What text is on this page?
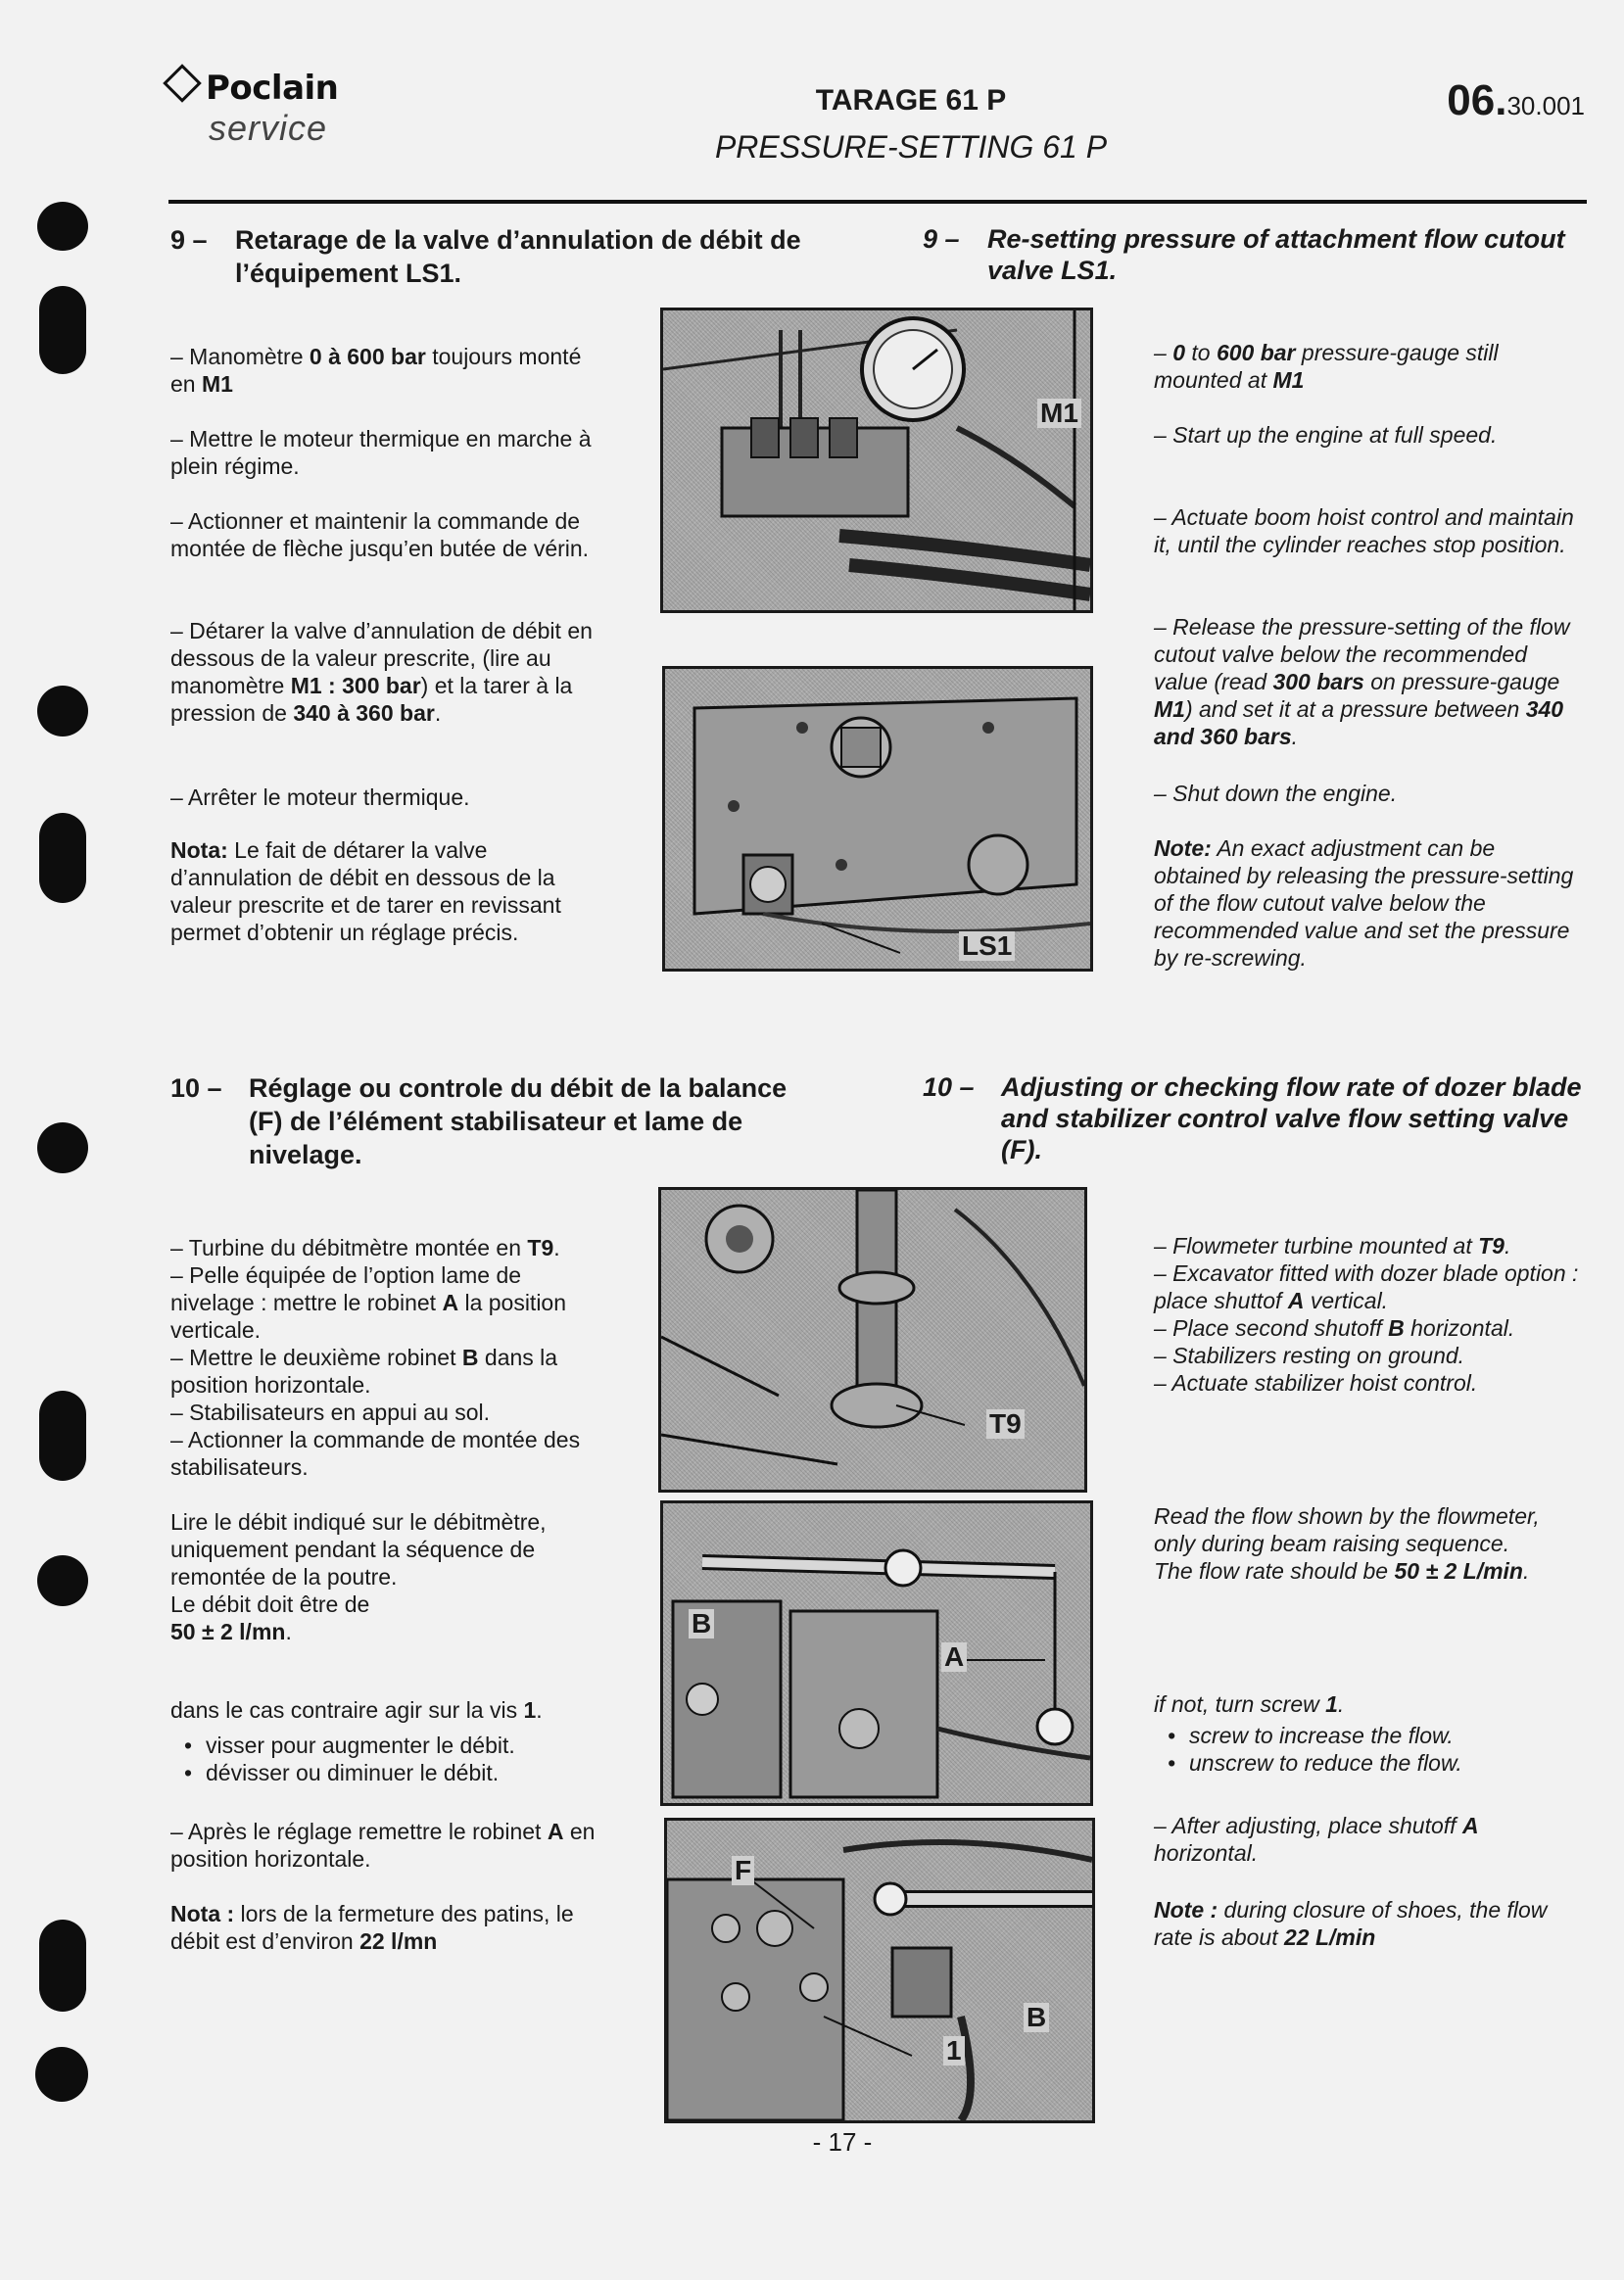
Poclain
service
TARAGE 61 P
PRESSURE-SETTING 61 P
06.30.001
9 – Retarage de la valve d’annulation de débit de l’équipement LS1.
9 – Re-setting pressure of attachment flow cutout valve LS1.
– Manomètre 0 à 600 bar toujours monté en M1
– Mettre le moteur thermique en marche à plein régime.
– Actionner et maintenir la commande de montée de flèche jusqu’en butée de vérin.
– Détarer la valve d’annulation de débit en dessous de la valeur prescrite, (lire au manomètre M1 : 300 bar) et la tarer à la pression de 340 à 360 bar.
– Arrêter le moteur thermique.
Nota: Le fait de détarer la valve d’annulation de débit en dessous de la valeur prescrite et de tarer en revissant permet d’obtenir un réglage précis.
– 0 to 600 bar pressure-gauge still mounted at M1
– Start up the engine at full speed.
– Actuate boom hoist control and maintain it, until the cylinder reaches stop position.
– Release the pressure-setting of the flow cutout valve below the recommended value (read 300 bars on pressure-gauge M1) and set it at a pressure between 340 and 360 bars.
– Shut down the engine.
Note: An exact adjustment can be obtained by releasing the pressure-setting of the flow cutout valve below the recommended value and set the pressure by re-screwing.
M1
LS1
10 – Réglage ou controle du débit de la balance (F) de l’élément stabilisateur et lame de nivelage.
10 – Adjusting or checking flow rate of dozer blade and stabilizer control valve flow setting valve (F).
– Turbine du débitmètre montée en T9.
– Pelle équipée de l’option lame de nivelage : mettre le robinet A la position verticale.
– Mettre le deuxième robinet B dans la position horizontale.
– Stabilisateurs en appui au sol.
– Actionner la commande de montée des stabilisateurs.
Lire le débit indiqué sur le débitmètre, uniquement pendant la séquence de remontée de la poutre.
Le débit doit être de
50 ± 2 l/mn.
dans le cas contraire agir sur la vis 1.
• visser pour augmenter le débit.
• dévisser ou diminuer le débit.
– Après le réglage remettre le robinet A en position horizontale.
Nota : lors de la fermeture des patins, le débit est d’environ 22 l/mn
– Flowmeter turbine mounted at T9.
– Excavator fitted with dozer blade option : place shuttof A vertical.
– Place second shutoff B horizontal.
– Stabilizers resting on ground.
– Actuate stabilizer hoist control.
Read the flow shown by the flowmeter, only during beam raising sequence.
The flow rate should be 50 ± 2 L/min.
if not, turn screw 1.
• screw to increase the flow.
• unscrew to reduce the flow.
– After adjusting, place shutoff A horizontal.
Note : during closure of shoes, the flow rate is about 22 L/min
T9
B
A
F
B
1
- 17 -
